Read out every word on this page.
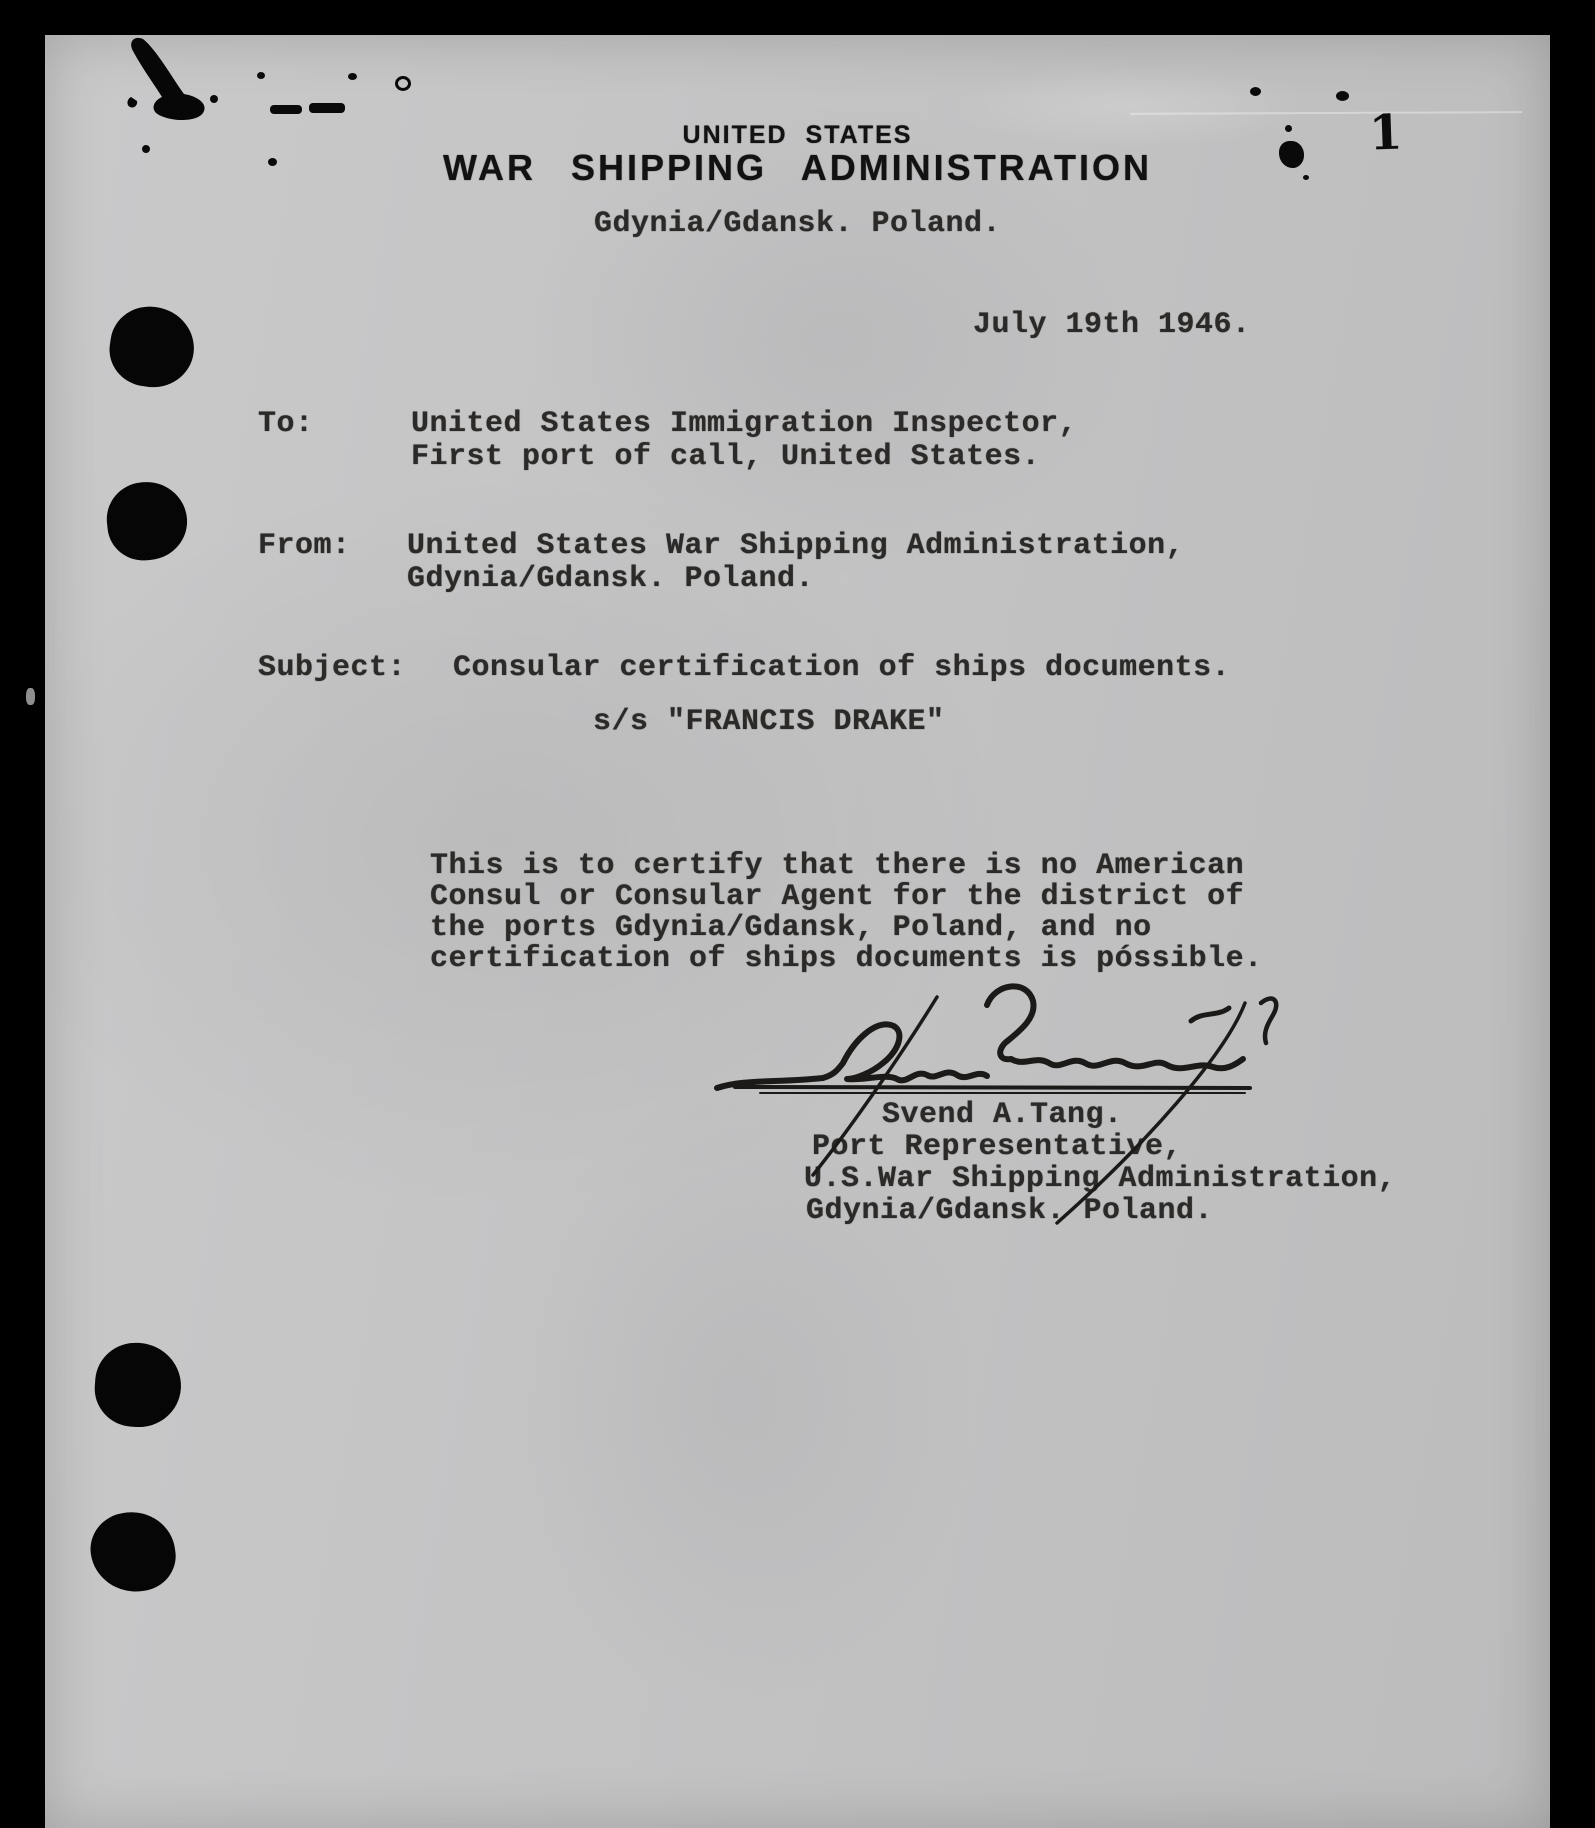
1
UNITED STATES
WAR SHIPPING ADMINISTRATION
Gdynia/Gdansk. Poland.
July 19th 1946.
To:	United States Immigration Inspector,
First port of call, United States.
From: United States War Shipping Administration,
Gdynia/Gdansk. Poland.
Subject: Consular certification of ships documents.
s/s "FRANCIS DRAKE"
This is to certify that there is no American
Consul or Consular Agent for the district of
the ports Gdynia/Gdansk, Poland, and no
certification of ships documents is póssible.
Svend A.Tang.
Port Representative,
U.S.War Shipping Administration,
Gdynia/Gdansk. Poland.
